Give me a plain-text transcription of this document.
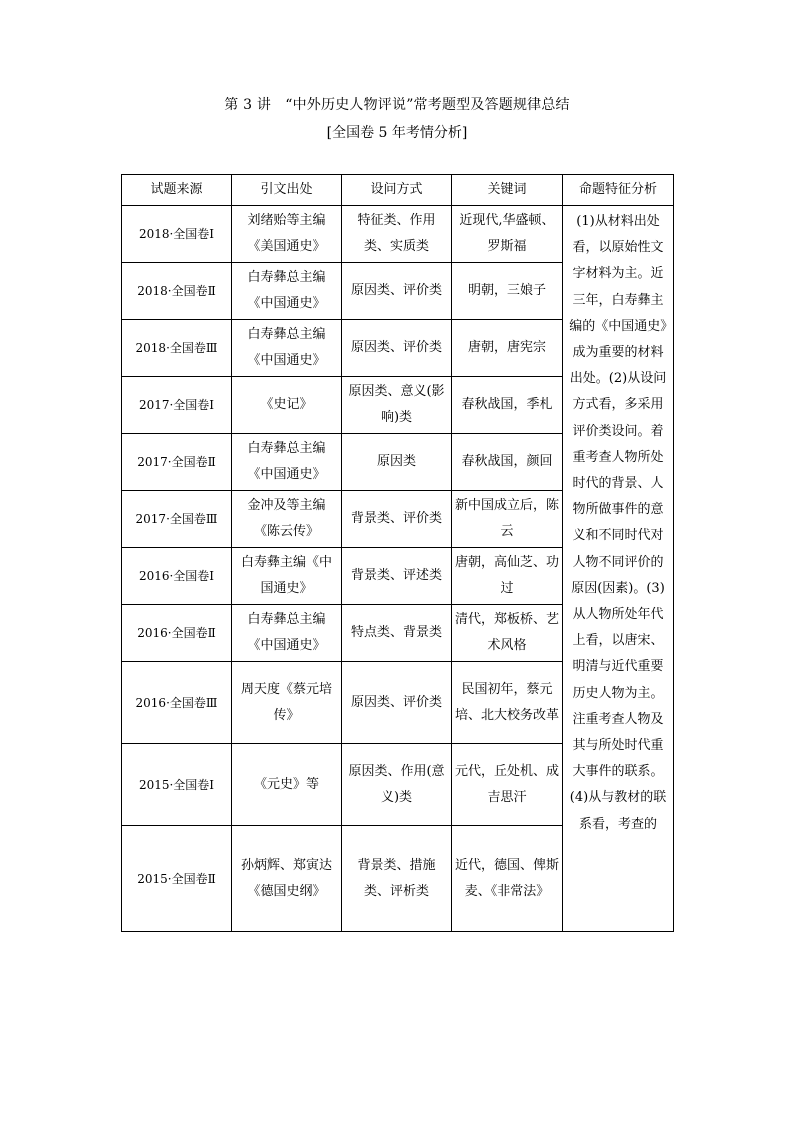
第 3 讲　“中外历史人物评说”常考题型及答题规律总结
[全国卷 5 年考情分析]
试题来源	引文出处	设问方式	关键词	命题特征分析
2018·全国卷Ⅰ	刘绪贻等主编《美国通史》	特征类、作用类、实质类	近现代,华盛顿、罗斯福	(1)从材料出处看，以原始性文字材料为主。近三年，白寿彝主编的《中国通史》成为重要的材料出处。(2)从设问方式看，多采用评价类设问。着重考查人物所处时代的背景、人物所做事件的意义和不同时代对人物不同评价的原因(因素)。(3)从人物所处年代上看，以唐宋、明清与近代重要历史人物为主。注重考查人物及其与所处时代重大事件的联系。(4)从与教材的联系看，考查的

2018·全国卷Ⅱ	白寿彝总主编《中国通史》	原因类、评价类	明朝，三娘子	
2018·全国卷Ⅲ	白寿彝总主编《中国通史》	原因类、评价类	唐朝，唐宪宗	
2017·全国卷Ⅰ	《史记》	原因类、意义(影响)类	春秋战国，季札	
2017·全国卷Ⅱ	白寿彝总主编《中国通史》	原因类	春秋战国，颜回	
2017·全国卷Ⅲ	金冲及等主编《陈云传》	背景类、评价类	新中国成立后，陈云	
2016·全国卷Ⅰ	白寿彝主编《中国通史》	背景类、评述类	唐朝，高仙芝、功过	
2016·全国卷Ⅱ	白寿彝总主编《中国通史》	特点类、背景类	清代，郑板桥、艺术风格	
2016·全国卷Ⅲ	周天度《蔡元培传》	原因类、评价类	民国初年，蔡元培、北大校务改革	
2015·全国卷Ⅰ	《元史》等	原因类、作用(意义)类	元代，丘处机、成吉思汗	
2015·全国卷Ⅱ	孙炳辉、郑寅达《德国史纲》	背景类、措施类、评析类	近代，德国、俾斯麦、《非常法》	
